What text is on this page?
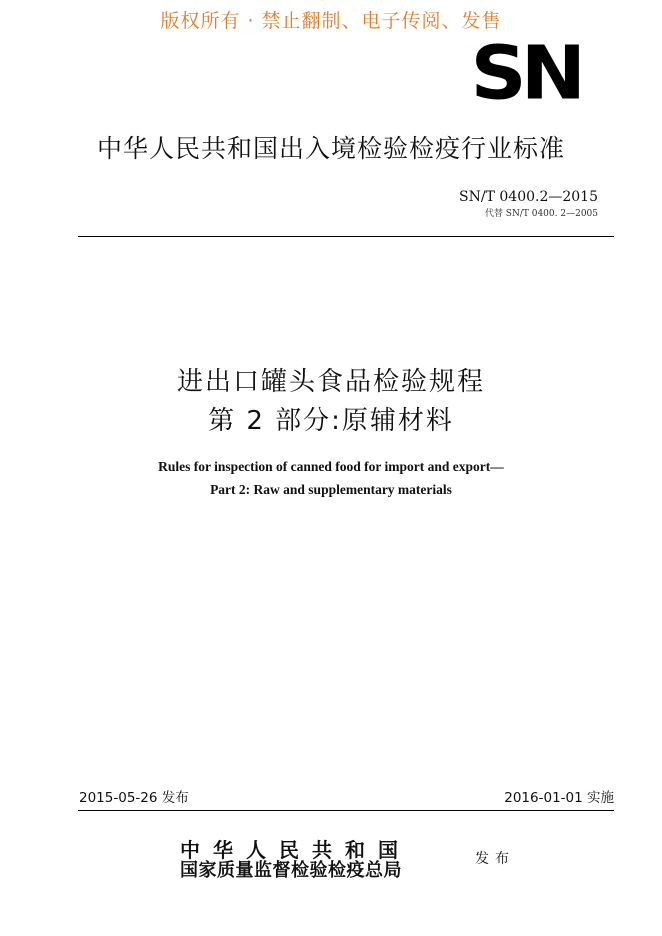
版权所有 · 禁止翻制、电子传阅、发售
SN
中华人民共和国出入境检验检疫行业标准
SN/T 0400.2—2015
代替 SN/T 0400. 2—2005
进出口罐头食品检验规程
第 2 部分:原辅材料
Rules for inspection of canned food for import and export—
Part 2: Raw and supplementary materials
2015-05-26 发布	2016-01-01 实施
中华人民共和国
国家质量监督检验检疫总局
发布
